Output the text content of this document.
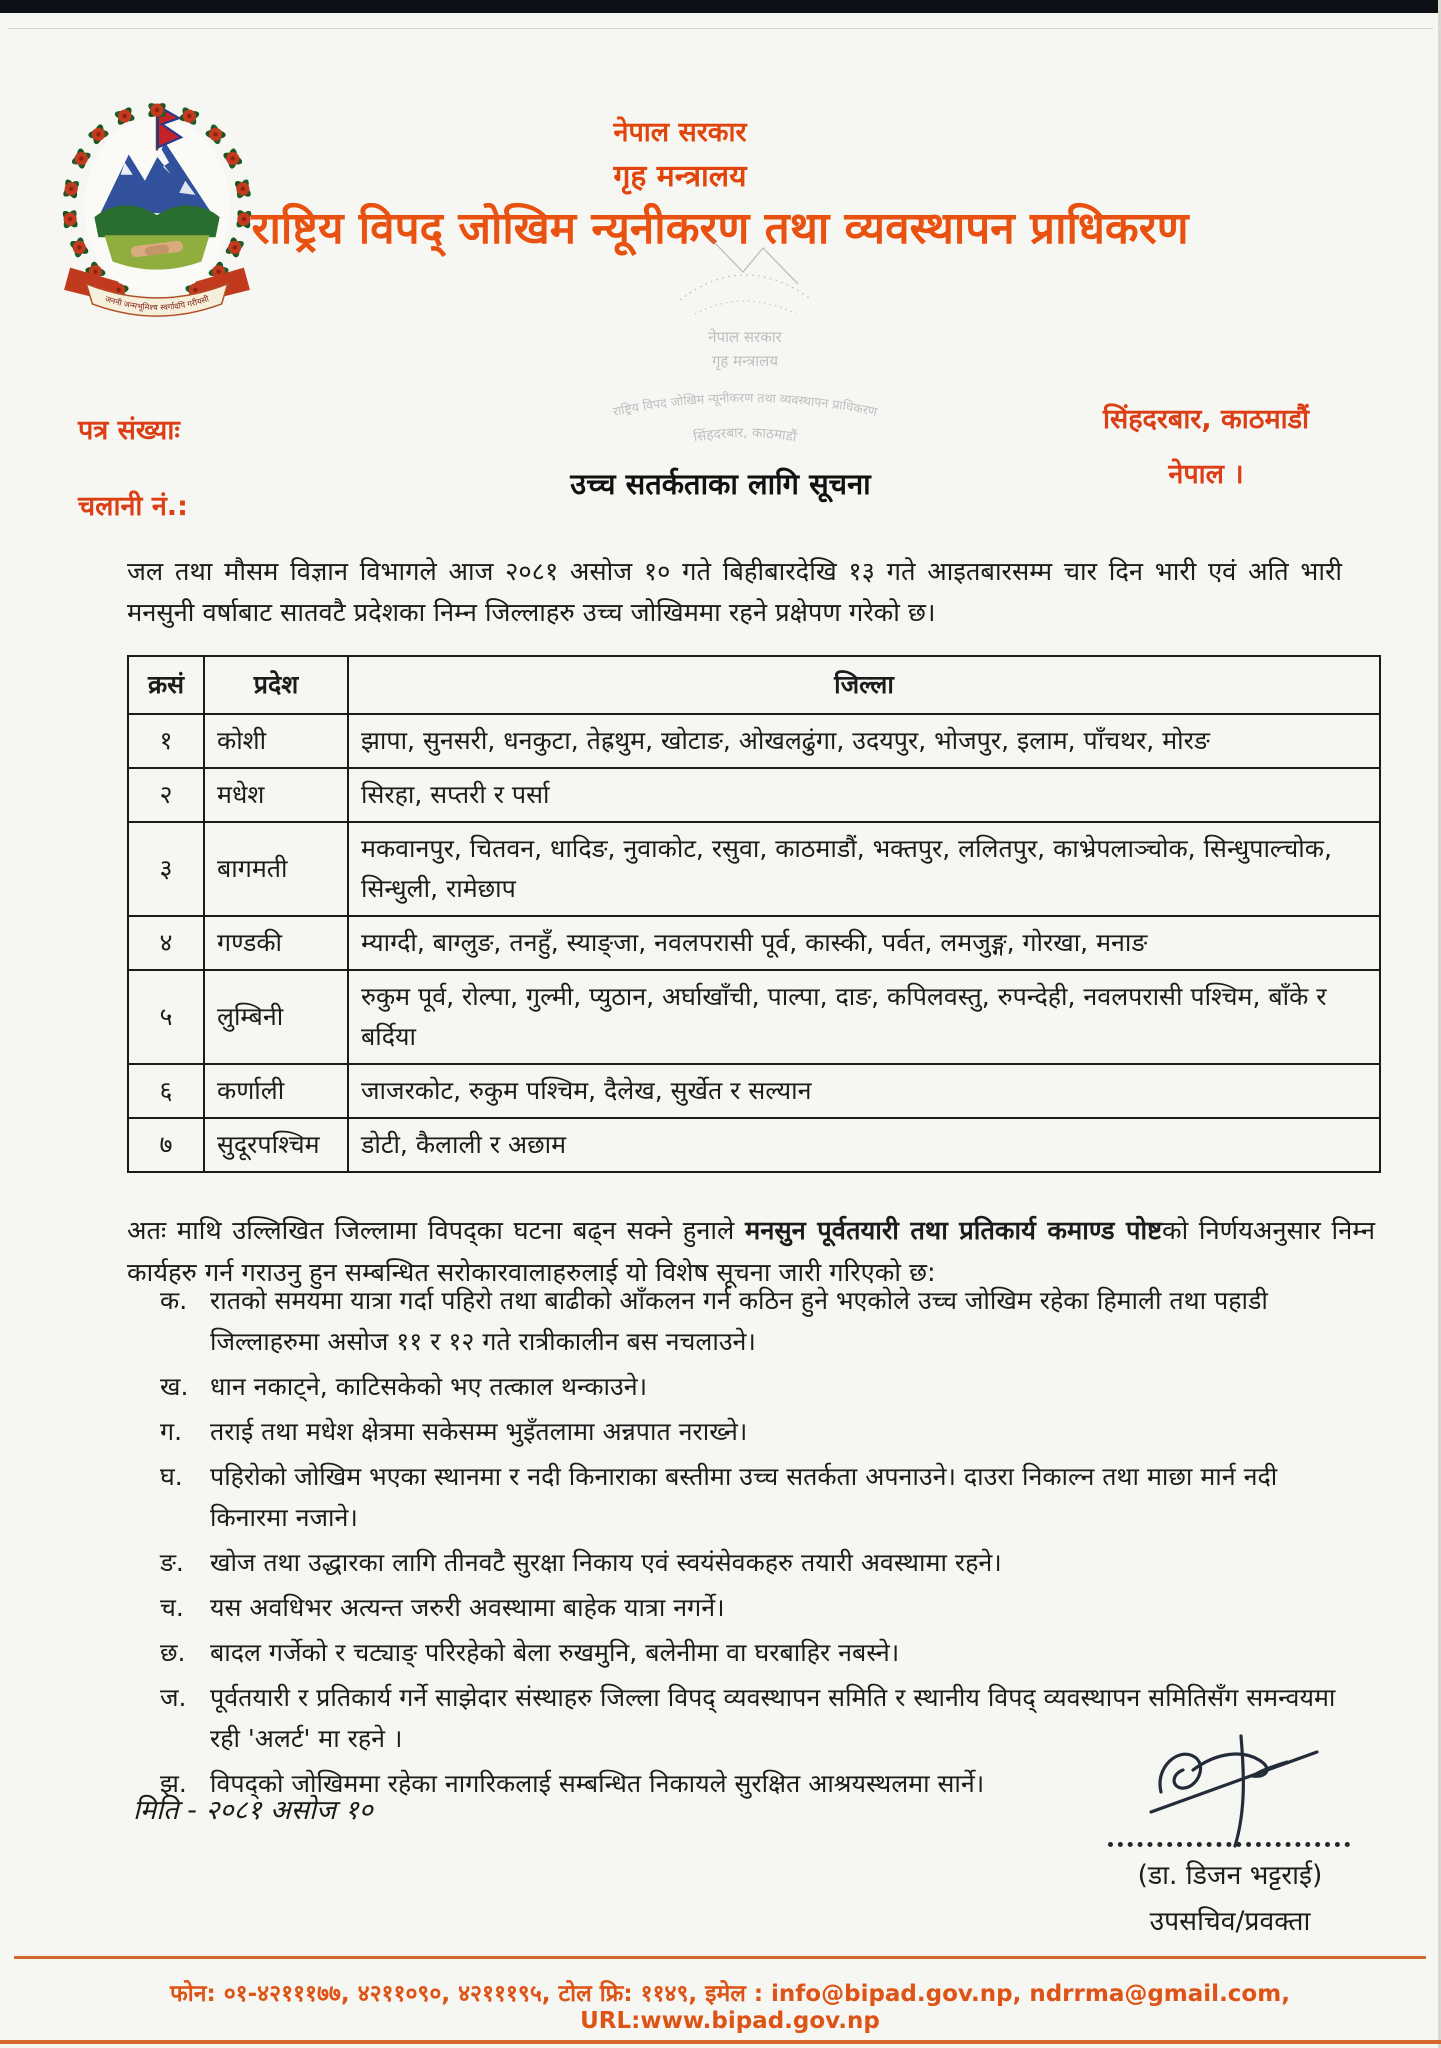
जननी जन्मभूमिश्च स्वर्गादपि गरीयसी
नेपाल सरकार
गृह मन्त्रालय
राष्ट्रिय विपद् जोखिम न्यूनीकरण तथा व्यवस्थापन प्राधिकरण
नेपाल सरकार
गृह मन्त्रालय
राष्ट्रिय विपद जोखिम न्यूनीकरण तथा व्यवस्थापन प्राधिकरण
सिंहदरबार, काठमाडौं
पत्र संख्याः
चलानी नं.:
सिंहदरबार, काठमाडौं
नेपाल ।
उच्च सतर्कताका लागि सूचना
जल तथा मौसम विज्ञान विभागले आज २०८१ असोज १० गते बिहीबारदेखि १३ गते आइतबारसम्म चार दिन भारी एवं अति भारी मनसुनी वर्षाबाट सातवटै प्रदेशका निम्न जिल्लाहरु उच्च जोखिममा रहने प्रक्षेपण गरेको छ।
क्रसं	प्रदेश	जिल्ला
१	कोशी	झापा, सुनसरी, धनकुटा, तेह्रथुम, खोटाङ, ओखलढुंगा, उदयपुर, भोजपुर, इलाम, पाँचथर, मोरङ
२	मधेश	सिरहा, सप्तरी र पर्सा
३	बागमती	मकवानपुर, चितवन, धादिङ, नुवाकोट, रसुवा, काठमाडौं, भक्तपुर, ललितपुर, काभ्रेपलाञ्चोक, सिन्धुपाल्चोक, सिन्धुली, रामेछाप
४	गण्डकी	म्याग्दी, बाग्लुङ, तनहुँ, स्याङ्जा, नवलपरासी पूर्व, कास्की, पर्वत, लमजुङ्ग, गोरखा, मनाङ
५	लुम्बिनी	रुकुम पूर्व, रोल्पा, गुल्मी, प्युठान, अर्घाखाँची, पाल्पा, दाङ, कपिलवस्तु, रुपन्देही, नवलपरासी पश्चिम, बाँके र बर्दिया
६	कर्णाली	जाजरकोट, रुकुम पश्चिम, दैलेख, सुर्खेत र सल्यान
७	सुदूरपश्चिम	डोटी, कैलाली र अछाम
अतः माथि उल्लिखित जिल्लामा विपद्का घटना बढ्न सक्ने हुनाले मनसुन पूर्वतयारी तथा प्रतिकार्य कमाण्ड पोष्टको निर्णयअनुसार निम्न कार्यहरु गर्न गराउनु हुन सम्बन्धित सरोकारवालाहरुलाई यो विशेष सूचना जारी गरिएको छ:
क. रातको समयमा यात्रा गर्दा पहिरो तथा बाढीको आँकलन गर्न कठिन हुने भएकोले उच्च जोखिम रहेका हिमाली तथा पहाडी जिल्लाहरुमा असोज ११ र १२ गते रात्रीकालीन बस नचलाउने।
ख. धान नकाट्ने, काटिसकेको भए तत्काल थन्काउने।
ग. तराई तथा मधेश क्षेत्रमा सकेसम्म भुइँतलामा अन्नपात नराख्ने।
घ. पहिरोको जोखिम भएका स्थानमा र नदी किनाराका बस्तीमा उच्च सतर्कता अपनाउने। दाउरा निकाल्न तथा माछा मार्न नदी किनारमा नजाने।
ङ. खोज तथा उद्धारका लागि तीनवटै सुरक्षा निकाय एवं स्वयंसेवकहरु तयारी अवस्थामा रहने।
च. यस अवधिभर अत्यन्त जरुरी अवस्थामा बाहेक यात्रा नगर्ने।
छ. बादल गर्जेको र चट्याङ् परिरहेको बेला रुखमुनि, बलेनीमा वा घरबाहिर नबस्ने।
ज. पूर्वतयारी र प्रतिकार्य गर्ने साझेदार संस्थाहरु जिल्ला विपद् व्यवस्थापन समिति र स्थानीय विपद् व्यवस्थापन समितिसँग समन्वयमा रही 'अलर्ट' मा रहने ।
झ. विपद्को जोखिममा रहेका नागरिकलाई सम्बन्धित निकायले सुरक्षित आश्रयस्थलमा सार्ने।
मिति - २०८१ असोज १०
(डा. डिजन भट्टराई)
उपसचिव/प्रवक्ता
फोन: ०१-४२१११७७, ४२११०९०, ४२१११९५, टोल फ्रि: ११४९, इमेल : info@bipad.gov.np, ndrrma@gmail.com, URL:www.bipad.gov.np
